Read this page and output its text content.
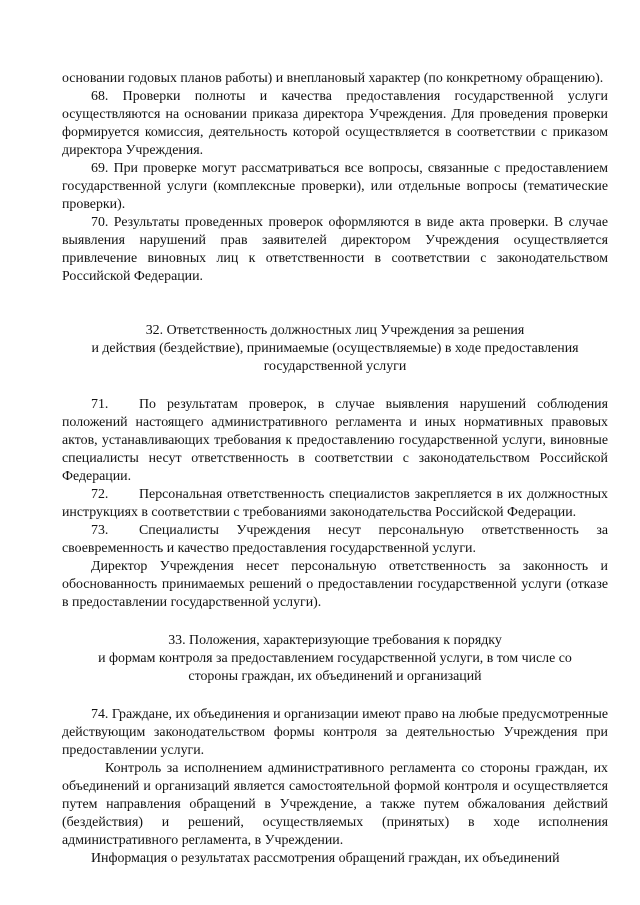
основании годовых планов работы) и внеплановый характер (по конкретному обращению).

68. Проверки полноты и качества предоставления государственной услуги осуществляются на основании приказа директора Учреждения. Для проведения проверки формируется комиссия, деятельность которой осуществляется в соответствии с приказом директора Учреждения.

69. При проверке могут рассматриваться все вопросы, связанные с предоставлением государственной услуги (комплексные проверки), или отдельные вопросы (тематические проверки).

70. Результаты проведенных проверок оформляются в виде акта проверки. В случае выявления нарушений прав заявителей директором Учреждения осуществляется привлечение виновных лиц к ответственности в соответствии с законодательством Российской Федерации.

32. Ответственность должностных лиц Учреждения за решения
и действия (бездействие), принимаемые (осуществляемые) в ходе предоставления
государственной услуги

71. По результатам проверок, в случае выявления нарушений соблюдения положений настоящего административного регламента и иных нормативных правовых актов, устанавливающих требования к предоставлению государственной услуги, виновные специалисты несут ответственность в соответствии с законодательством Российской Федерации.

72. Персональная ответственность специалистов закрепляется в их должностных инструкциях в соответствии с требованиями законодательства Российской Федерации.

73. Специалисты Учреждения несут персональную ответственность за своевременность и качество предоставления государственной услуги.

Директор Учреждения несет персональную ответственность за законность и обоснованность принимаемых решений о предоставлении государственной услуги (отказе в предоставлении государственной услуги).

33. Положения, характеризующие требования к порядку
и формам контроля за предоставлением государственной услуги, в том числе со
стороны граждан, их объединений и организаций

74. Граждане, их объединения и организации имеют право на любые предусмотренные действующим законодательством формы контроля за деятельностью Учреждения при предоставлении услуги.

Контроль за исполнением административного регламента со стороны граждан, их объединений и организаций является самостоятельной формой контроля и осуществляется путем направления обращений в Учреждение, а также путем обжалования действий (бездействия) и решений, осуществляемых (принятых) в ходе исполнения административного регламента, в Учреждении.

Информация о результатах рассмотрения обращений граждан, их объединений
